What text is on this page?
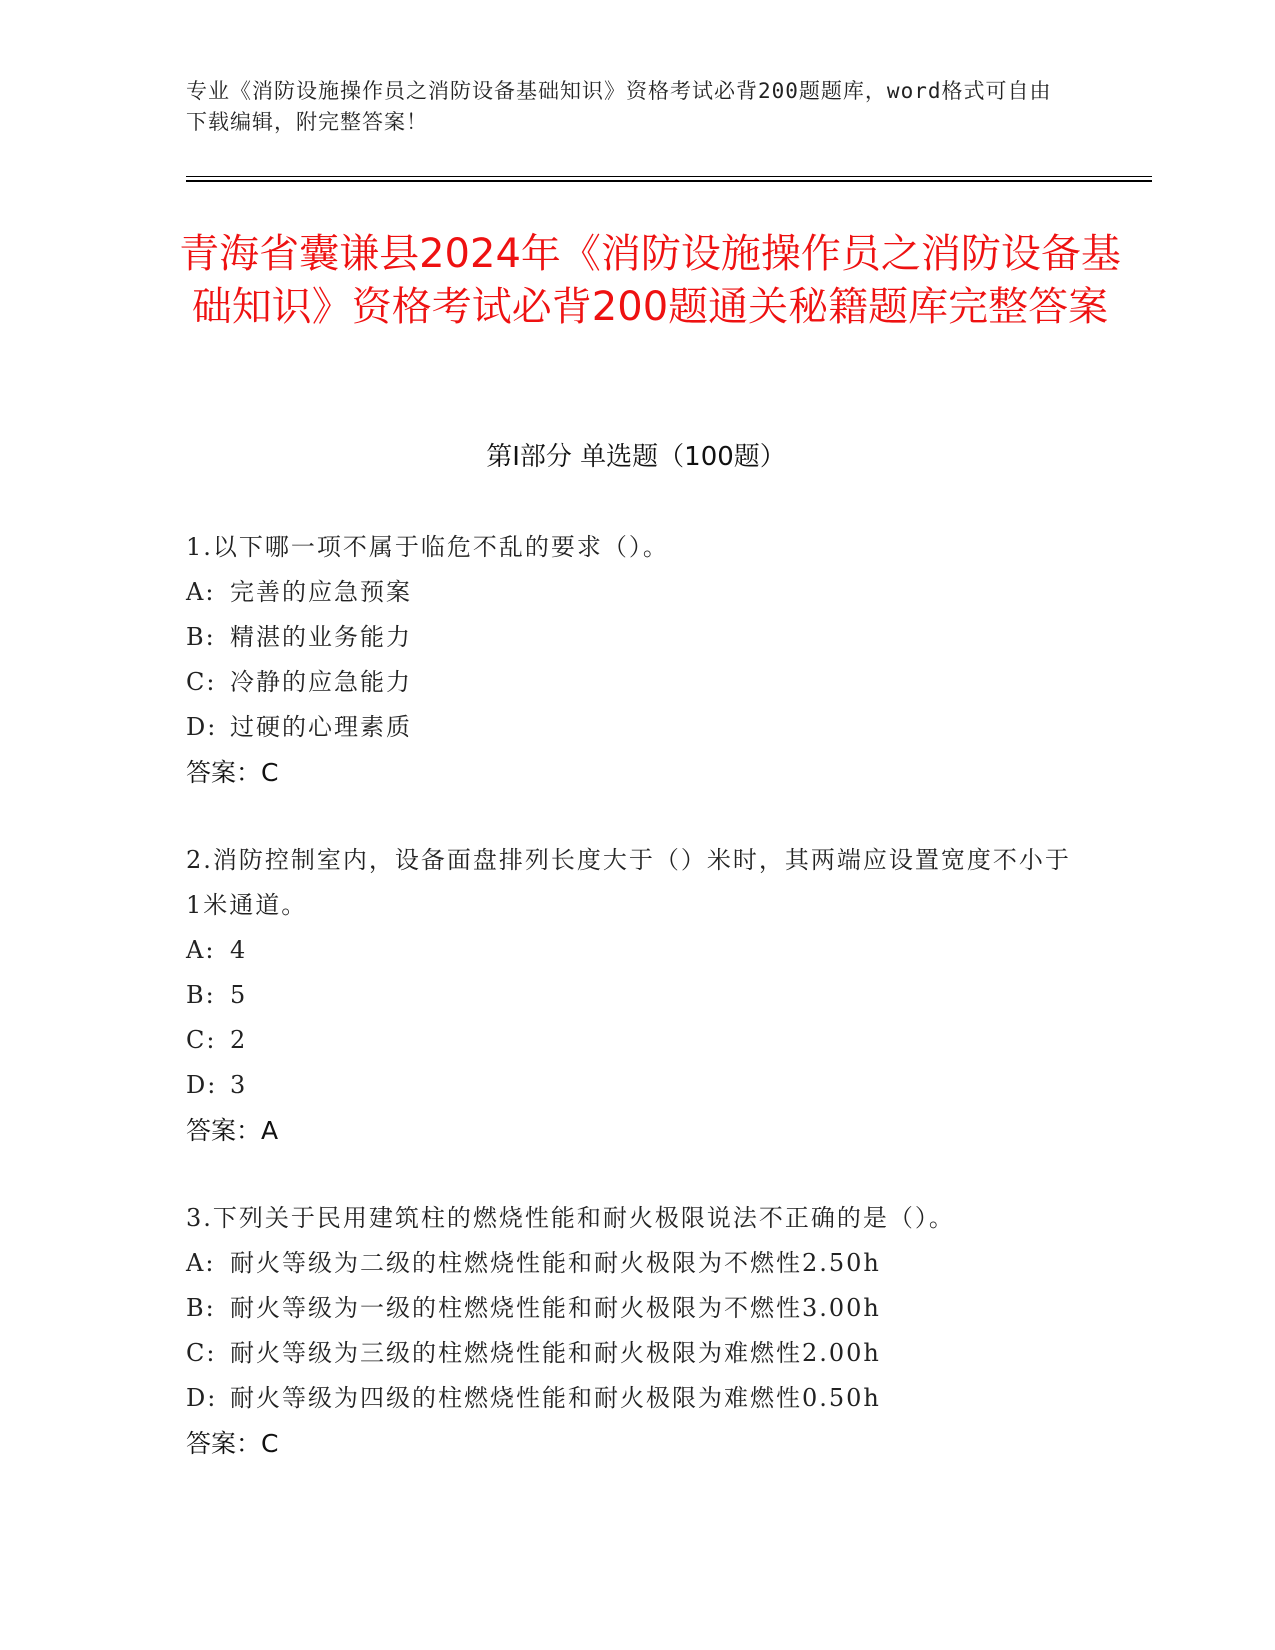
专业《消防设施操作员之消防设备基础知识》资格考试必背200题题库，word格式可自由下载编辑，附完整答案！
青海省囊谦县2024年《消防设施操作员之消防设备基础知识》资格考试必背200题通关秘籍题库完整答案
第Ⅰ部分 单选题（100题）
1.以下哪一项不属于临危不乱的要求（）。
A: 完善的应急预案
B: 精湛的业务能力
C: 冷静的应急能力
D: 过硬的心理素质
答案：C
2.消防控制室内，设备面盘排列长度大于（）米时，其两端应设置宽度不小于1米通道。
A: 4
B: 5
C: 2
D: 3
答案：A
3.下列关于民用建筑柱的燃烧性能和耐火极限说法不正确的是（）。
A: 耐火等级为二级的柱燃烧性能和耐火极限为不燃性2.50h
B: 耐火等级为一级的柱燃烧性能和耐火极限为不燃性3.00h
C: 耐火等级为三级的柱燃烧性能和耐火极限为难燃性2.00h
D: 耐火等级为四级的柱燃烧性能和耐火极限为难燃性0.50h
答案：C
